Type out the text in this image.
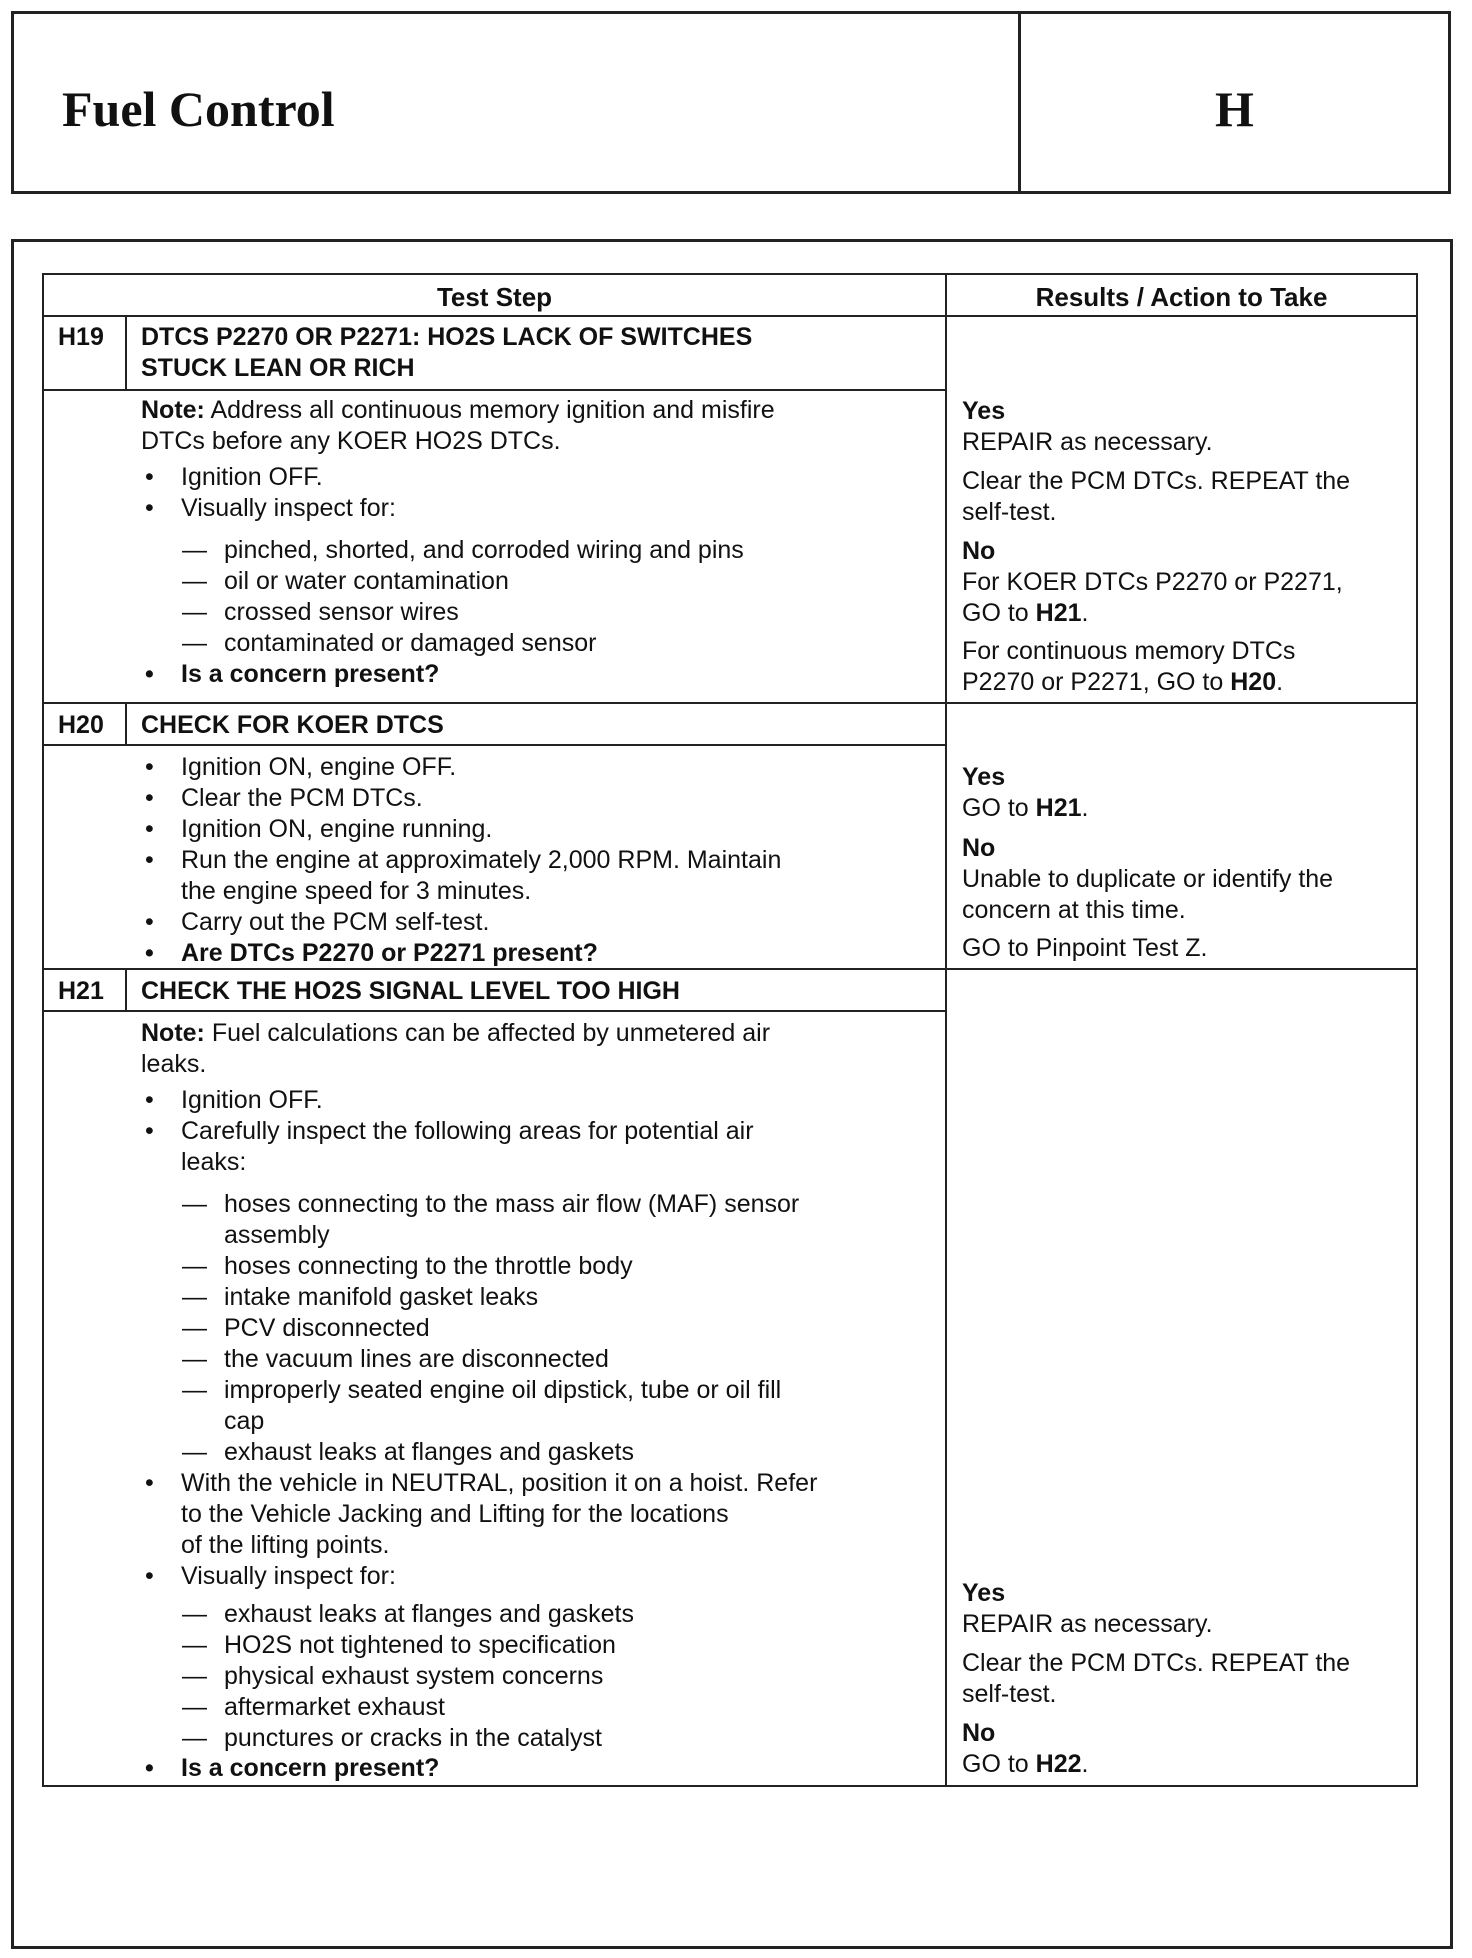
Fuel Control	H
Test Step	Results / Action to Take
H19 DTCS P2270 OR P2271: HO2S LACK OF SWITCHES
STUCK LEAN OR RICH
Note: Address all continuous memory ignition and misfire
DTCs before any KOER HO2S DTCs.
• Ignition OFF.
• Visually inspect for:
— pinched, shorted, and corroded wiring and pins
— oil or water contamination
— crossed sensor wires
— contaminated or damaged sensor
• Is a concern present?
Yes
REPAIR as necessary.
Clear the PCM DTCs. REPEAT the
self-test.
No
For KOER DTCs P2270 or P2271,
GO to H21.
For continuous memory DTCs
P2270 or P2271, GO to H20.
H20 CHECK FOR KOER DTCS
• Ignition ON, engine OFF.
• Clear the PCM DTCs.
• Ignition ON, engine running.
• Run the engine at approximately 2,000 RPM. Maintain
the engine speed for 3 minutes.
• Carry out the PCM self-test.
• Are DTCs P2270 or P2271 present?
Yes
GO to H21.
No
Unable to duplicate or identify the
concern at this time.
GO to Pinpoint Test Z.
H21 CHECK THE HO2S SIGNAL LEVEL TOO HIGH
Note: Fuel calculations can be affected by unmetered air
leaks.
• Ignition OFF.
• Carefully inspect the following areas for potential air
leaks:
— hoses connecting to the mass air flow (MAF) sensor
assembly
— hoses connecting to the throttle body
— intake manifold gasket leaks
— PCV disconnected
— the vacuum lines are disconnected
— improperly seated engine oil dipstick, tube or oil fill
cap
— exhaust leaks at flanges and gaskets
• With the vehicle in NEUTRAL, position it on a hoist. Refer
to the Vehicle Jacking and Lifting for the locations
of the lifting points.
• Visually inspect for:
— exhaust leaks at flanges and gaskets
— HO2S not tightened to specification
— physical exhaust system concerns
— aftermarket exhaust
— punctures or cracks in the catalyst
• Is a concern present?
Yes
REPAIR as necessary.
Clear the PCM DTCs. REPEAT the
self-test.
No
GO to H22.
